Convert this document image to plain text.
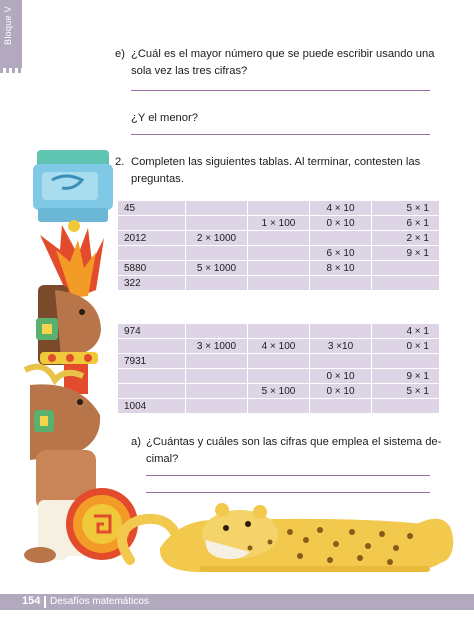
Bloque V
e) ¿Cuál es el mayor número que se puede escribir usando una
sola vez las tres cifras?
¿Y el menor?
2. Completen las siguientes tablas. Al terminar, contesten las
preguntas.
45			4 × 10	5 × 1
		1 × 100	0 × 10	6 × 1
2012	2 × 1000			2 × 1
			6 × 10	9 × 1
5880	5 × 1000		8 × 10	
322				
974				4 × 1
	3 × 1000	4 × 100	3 ×10	0 × 1
7931				
			0 × 10	9 × 1
		5 × 100	0 × 10	5 × 1
1004				
a) ¿Cuántas y cuáles son las cifras que emplea el sistema de-
cimal?
154 Desafíos matemáticos
